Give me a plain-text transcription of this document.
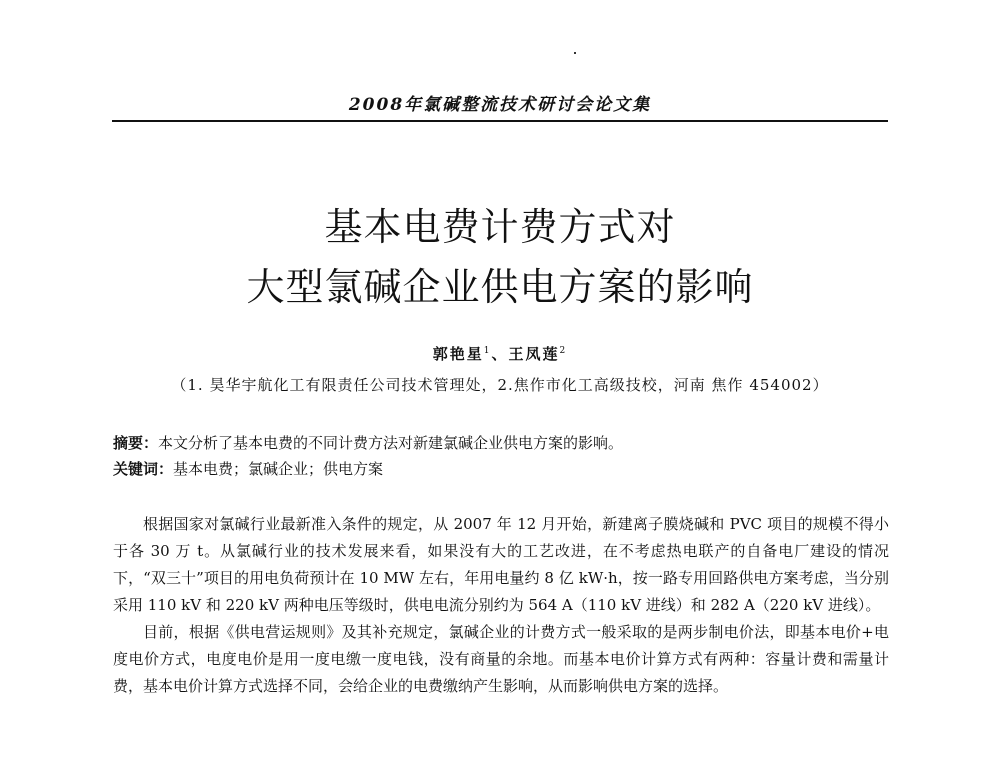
2008年氯碱整流技术研讨会论文集
基本电费计费方式对
大型氯碱企业供电方案的影响
郭艳星$^1$、王凤莲$^2$
（1. 昊华宇航化工有限责任公司技术管理处，2.焦作市化工高级技校，河南 焦作 454002）
摘要：本文分析了基本电费的不同计费方法对新建氯碱企业供电方案的影响。
关键词：基本电费；氯碱企业；供电方案

根据国家对氯碱行业最新准入条件的规定，从 2007 年 12 月开始，新建离子膜烧碱和 PVC 项目的规模不得小于各 30 万 t。从氯碱行业的技术发展来看，如果没有大的工艺改进，在不考虑热电联产的自备电厂建设的情况下，“双三十”项目的用电负荷预计在 10 MW 左右，年用电量约 8 亿 kW·h，按一路专用回路供电方案考虑，当分别采用 110 kV 和 220 kV 两种电压等级时，供电电流分别约为 564 A（110 kV 进线）和 282 A（220 kV 进线）。

目前，根据《供电营运规则》及其补充规定，氯碱企业的计费方式一般采取的是两步制电价法，即基本电价+电度电价方式，电度电价是用一度电缴一度电钱，没有商量的余地。而基本电价计算方式有两种：容量计费和需量计费，基本电价计算方式选择不同，会给企业的电费缴纳产生影响，从而影响供电方案的选择。
